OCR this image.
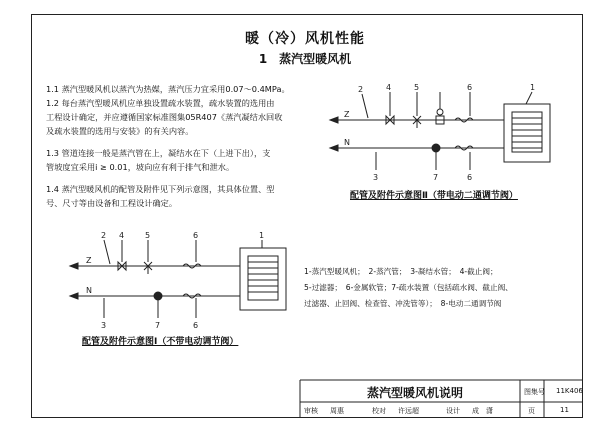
暖（冷）风机性能
1　蒸汽型暖风机
1.1 蒸汽型暖风机以蒸汽为热媒，蒸汽压力宜采用0.07～0.4MPa。
1.2 每台蒸汽型暖风机应单独设置疏水装置，疏水装置的选用由
工程设计确定，并应遵循国家标准图集05R407《蒸汽凝结水回收
及疏水装置的选用与安装》的有关内容。
1.3 管道连接一般是蒸汽管在上，凝结水在下（上进下出），支
管坡度宜采用i ≥ 0.01，坡向应有利于排气和泄水。
1.4 蒸汽型暖风机的配管及附件见下列示意图，其具体位置、型
号、尺寸等由设备和工程设计确定。
2	4	5	6	1
3	7	6
Z
N
2 4	5	6	1
3	7	6
Z
N
配管及附件示意图Ⅱ（带电动二通调节阀）
配管及附件示意图Ⅰ（不带电动调节阀）
1-蒸汽型暖风机；　2-蒸汽管；　3-凝结水管；　4-截止阀；
5-过滤器；　6-金属软管；7-疏水装置（包括疏水阀、截止阀、
过滤器、止回阀、检查管、冲洗管等）；　8-电动二通调节阀
蒸汽型暖风机说明	图集号 11K406
审核 周惠	校对 许远超	设计 成　潇	页	11
